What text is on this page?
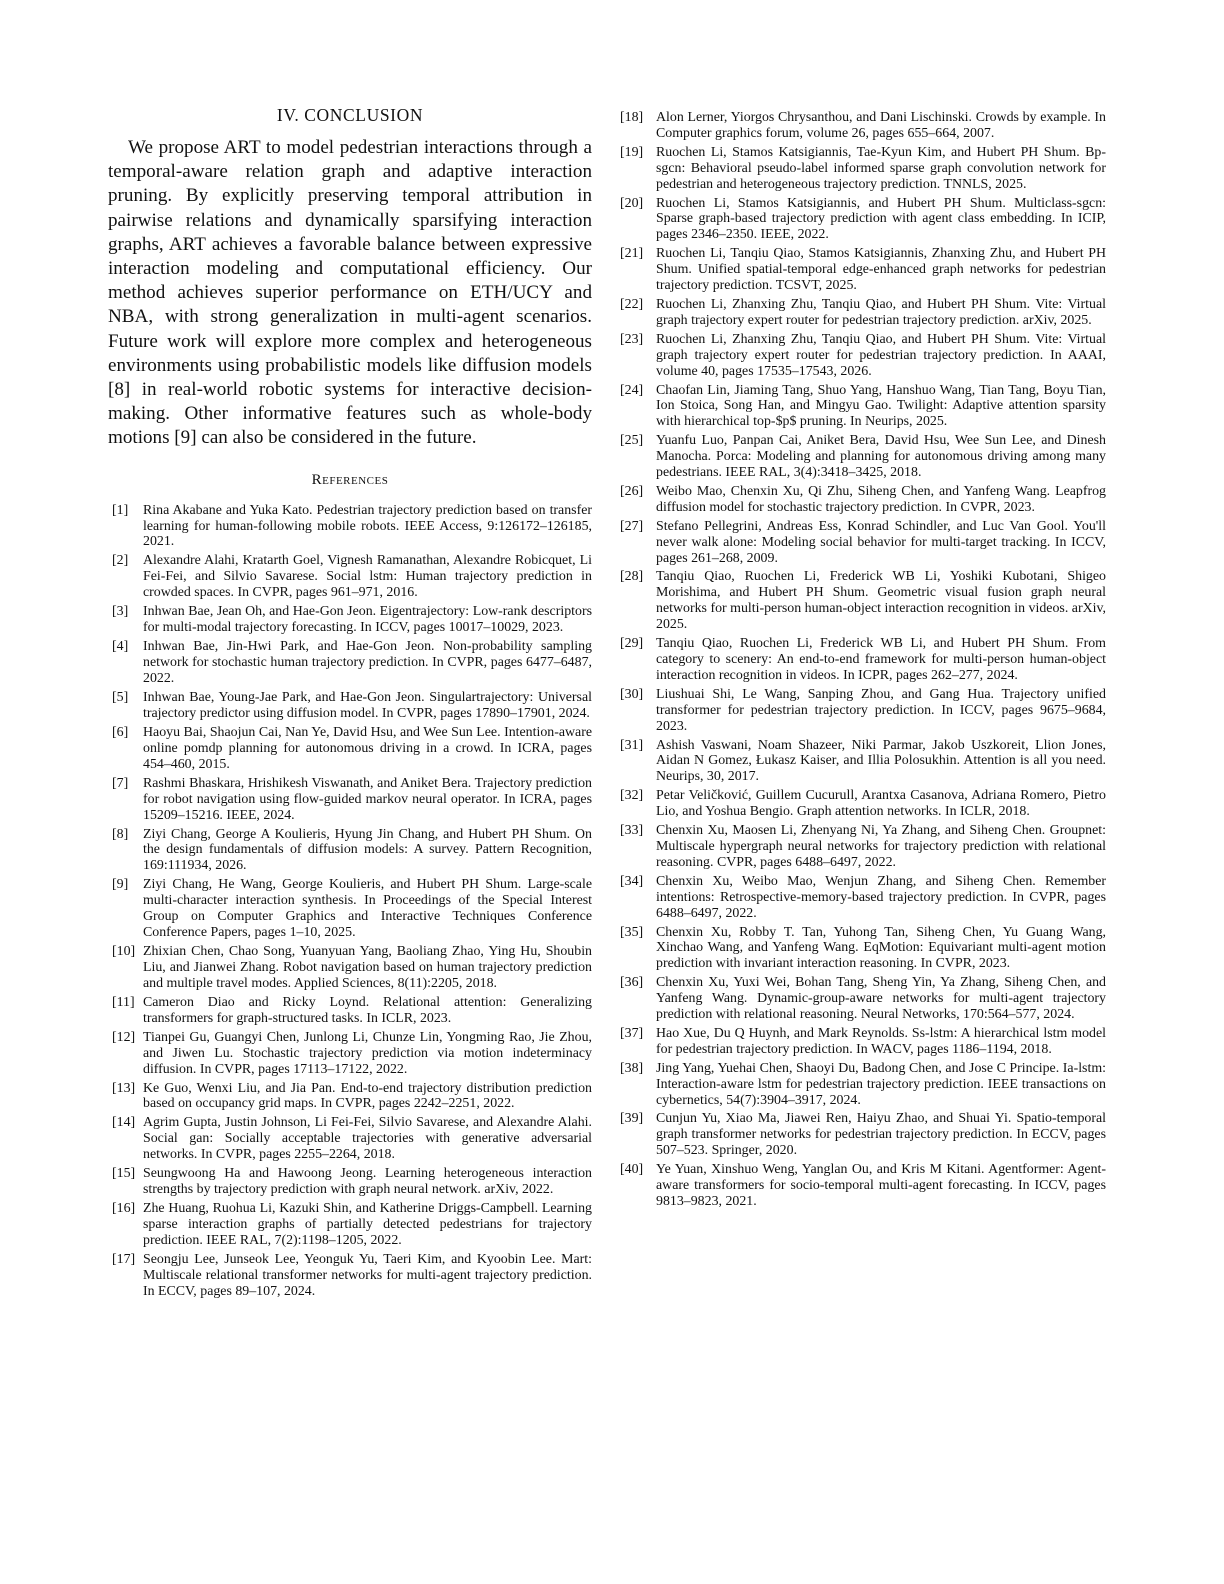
IV. CONCLUSION

We propose ART to model pedestrian interactions through a temporal-aware relation graph and adaptive interaction pruning. By explicitly preserving temporal attribution in pairwise relations and dynamically sparsifying interaction graphs, ART achieves a favorable balance between expressive interaction modeling and computational efficiency. Our method achieves superior performance on ETH/UCY and NBA, with strong generalization in multi-agent scenarios. Future work will explore more complex and heterogeneous environments using probabilistic models like diffusion models [8] in real-world robotic systems for interactive decision-making. Other informative features such as whole-body motions [9] can also be considered in the future.

References
[1]	Rina Akabane and Yuka Kato. Pedestrian trajectory prediction based on transfer learning for human-following mobile robots. IEEE Access, 9:126172–126185, 2021.
[2]	Alexandre Alahi, Kratarth Goel, Vignesh Ramanathan, Alexandre Robicquet, Li Fei-Fei, and Silvio Savarese. Social lstm: Human trajectory prediction in crowded spaces. In CVPR, pages 961–971, 2016.
[3]	Inhwan Bae, Jean Oh, and Hae-Gon Jeon. Eigentrajectory: Low-rank descriptors for multi-modal trajectory forecasting. In ICCV, pages 10017–10029, 2023.
[4]	Inhwan Bae, Jin-Hwi Park, and Hae-Gon Jeon. Non-probability sampling network for stochastic human trajectory prediction. In CVPR, pages 6477–6487, 2022.
[5]	Inhwan Bae, Young-Jae Park, and Hae-Gon Jeon. Singulartrajectory: Universal trajectory predictor using diffusion model. In CVPR, pages 17890–17901, 2024.
[6]	Haoyu Bai, Shaojun Cai, Nan Ye, David Hsu, and Wee Sun Lee. Intention-aware online pomdp planning for autonomous driving in a crowd. In ICRA, pages 454–460, 2015.
[7]	Rashmi Bhaskara, Hrishikesh Viswanath, and Aniket Bera. Trajectory prediction for robot navigation using flow-guided markov neural operator. In ICRA, pages 15209–15216. IEEE, 2024.
[8]	Ziyi Chang, George A Koulieris, Hyung Jin Chang, and Hubert PH Shum. On the design fundamentals of diffusion models: A survey. Pattern Recognition, 169:111934, 2026.
[9]	Ziyi Chang, He Wang, George Koulieris, and Hubert PH Shum. Large-scale multi-character interaction synthesis. In Proceedings of the Special Interest Group on Computer Graphics and Interactive Techniques Conference Conference Papers, pages 1–10, 2025.
[10] Zhixian Chen, Chao Song, Yuanyuan Yang, Baoliang Zhao, Ying Hu, Shoubin Liu, and Jianwei Zhang. Robot navigation based on human trajectory prediction and multiple travel modes. Applied Sciences, 8(11):2205, 2018.
[11] Cameron Diao and Ricky Loynd. Relational attention: Generalizing transformers for graph-structured tasks. In ICLR, 2023.
[12] Tianpei Gu, Guangyi Chen, Junlong Li, Chunze Lin, Yongming Rao, Jie Zhou, and Jiwen Lu. Stochastic trajectory prediction via motion indeterminacy diffusion. In CVPR, pages 17113–17122, 2022.
[13] Ke Guo, Wenxi Liu, and Jia Pan. End-to-end trajectory distribution prediction based on occupancy grid maps. In CVPR, pages 2242–2251, 2022.
[14] Agrim Gupta, Justin Johnson, Li Fei-Fei, Silvio Savarese, and Alexandre Alahi. Social gan: Socially acceptable trajectories with generative adversarial networks. In CVPR, pages 2255–2264, 2018.
[15] Seungwoong Ha and Hawoong Jeong. Learning heterogeneous interaction strengths by trajectory prediction with graph neural network. arXiv, 2022.
[16] Zhe Huang, Ruohua Li, Kazuki Shin, and Katherine Driggs-Campbell. Learning sparse interaction graphs of partially detected pedestrians for trajectory prediction. IEEE RAL, 7(2):1198–1205, 2022.
[17] Seongju Lee, Junseok Lee, Yeonguk Yu, Taeri Kim, and Kyoobin Lee. Mart: Multiscale relational transformer networks for multi-agent trajectory prediction. In ECCV, pages 89–107, 2024.
[18] Alon Lerner, Yiorgos Chrysanthou, and Dani Lischinski. Crowds by example. In Computer graphics forum, volume 26, pages 655–664, 2007.
[19] Ruochen Li, Stamos Katsigiannis, Tae-Kyun Kim, and Hubert PH Shum. Bp-sgcn: Behavioral pseudo-label informed sparse graph convolution network for pedestrian and heterogeneous trajectory prediction. TNNLS, 2025.
[20] Ruochen Li, Stamos Katsigiannis, and Hubert PH Shum. Multiclass-sgcn: Sparse graph-based trajectory prediction with agent class embedding. In ICIP, pages 2346–2350. IEEE, 2022.
[21] Ruochen Li, Tanqiu Qiao, Stamos Katsigiannis, Zhanxing Zhu, and Hubert PH Shum. Unified spatial-temporal edge-enhanced graph networks for pedestrian trajectory prediction. TCSVT, 2025.
[22] Ruochen Li, Zhanxing Zhu, Tanqiu Qiao, and Hubert PH Shum. Vite: Virtual graph trajectory expert router for pedestrian trajectory prediction. arXiv, 2025.
[23] Ruochen Li, Zhanxing Zhu, Tanqiu Qiao, and Hubert PH Shum. Vite: Virtual graph trajectory expert router for pedestrian trajectory prediction. In AAAI, volume 40, pages 17535–17543, 2026.
[24] Chaofan Lin, Jiaming Tang, Shuo Yang, Hanshuo Wang, Tian Tang, Boyu Tian, Ion Stoica, Song Han, and Mingyu Gao. Twilight: Adaptive attention sparsity with hierarchical top-$p$ pruning. In Neurips, 2025.
[25] Yuanfu Luo, Panpan Cai, Aniket Bera, David Hsu, Wee Sun Lee, and Dinesh Manocha. Porca: Modeling and planning for autonomous driving among many pedestrians. IEEE RAL, 3(4):3418–3425, 2018.
[26] Weibo Mao, Chenxin Xu, Qi Zhu, Siheng Chen, and Yanfeng Wang. Leapfrog diffusion model for stochastic trajectory prediction. In CVPR, 2023.
[27] Stefano Pellegrini, Andreas Ess, Konrad Schindler, and Luc Van Gool. You'll never walk alone: Modeling social behavior for multi-target tracking. In ICCV, pages 261–268, 2009.
[28] Tanqiu Qiao, Ruochen Li, Frederick WB Li, Yoshiki Kubotani, Shigeo Morishima, and Hubert PH Shum. Geometric visual fusion graph neural networks for multi-person human-object interaction recognition in videos. arXiv, 2025.
[29] Tanqiu Qiao, Ruochen Li, Frederick WB Li, and Hubert PH Shum. From category to scenery: An end-to-end framework for multi-person human-object interaction recognition in videos. In ICPR, pages 262–277, 2024.
[30] Liushuai Shi, Le Wang, Sanping Zhou, and Gang Hua. Trajectory unified transformer for pedestrian trajectory prediction. In ICCV, pages 9675–9684, 2023.
[31] Ashish Vaswani, Noam Shazeer, Niki Parmar, Jakob Uszkoreit, Llion Jones, Aidan N Gomez, Łukasz Kaiser, and Illia Polosukhin. Attention is all you need. Neurips, 30, 2017.
[32] Petar Veličković, Guillem Cucurull, Arantxa Casanova, Adriana Romero, Pietro Lio, and Yoshua Bengio. Graph attention networks. In ICLR, 2018.
[33] Chenxin Xu, Maosen Li, Zhenyang Ni, Ya Zhang, and Siheng Chen. Groupnet: Multiscale hypergraph neural networks for trajectory prediction with relational reasoning. CVPR, pages 6488–6497, 2022.
[34] Chenxin Xu, Weibo Mao, Wenjun Zhang, and Siheng Chen. Remember intentions: Retrospective-memory-based trajectory prediction. In CVPR, pages 6488–6497, 2022.
[35] Chenxin Xu, Robby T. Tan, Yuhong Tan, Siheng Chen, Yu Guang Wang, Xinchao Wang, and Yanfeng Wang. EqMotion: Equivariant multi-agent motion prediction with invariant interaction reasoning. In CVPR, 2023.
[36] Chenxin Xu, Yuxi Wei, Bohan Tang, Sheng Yin, Ya Zhang, Siheng Chen, and Yanfeng Wang. Dynamic-group-aware networks for multi-agent trajectory prediction with relational reasoning. Neural Networks, 170:564–577, 2024.
[37] Hao Xue, Du Q Huynh, and Mark Reynolds. Ss-lstm: A hierarchical lstm model for pedestrian trajectory prediction. In WACV, pages 1186–1194, 2018.
[38] Jing Yang, Yuehai Chen, Shaoyi Du, Badong Chen, and Jose C Principe. Ia-lstm: Interaction-aware lstm for pedestrian trajectory prediction. IEEE transactions on cybernetics, 54(7):3904–3917, 2024.
[39] Cunjun Yu, Xiao Ma, Jiawei Ren, Haiyu Zhao, and Shuai Yi. Spatio-temporal graph transformer networks for pedestrian trajectory prediction. In ECCV, pages 507–523. Springer, 2020.
[40] Ye Yuan, Xinshuo Weng, Yanglan Ou, and Kris M Kitani. Agentformer: Agent-aware transformers for socio-temporal multi-agent forecasting. In ICCV, pages 9813–9823, 2021.
